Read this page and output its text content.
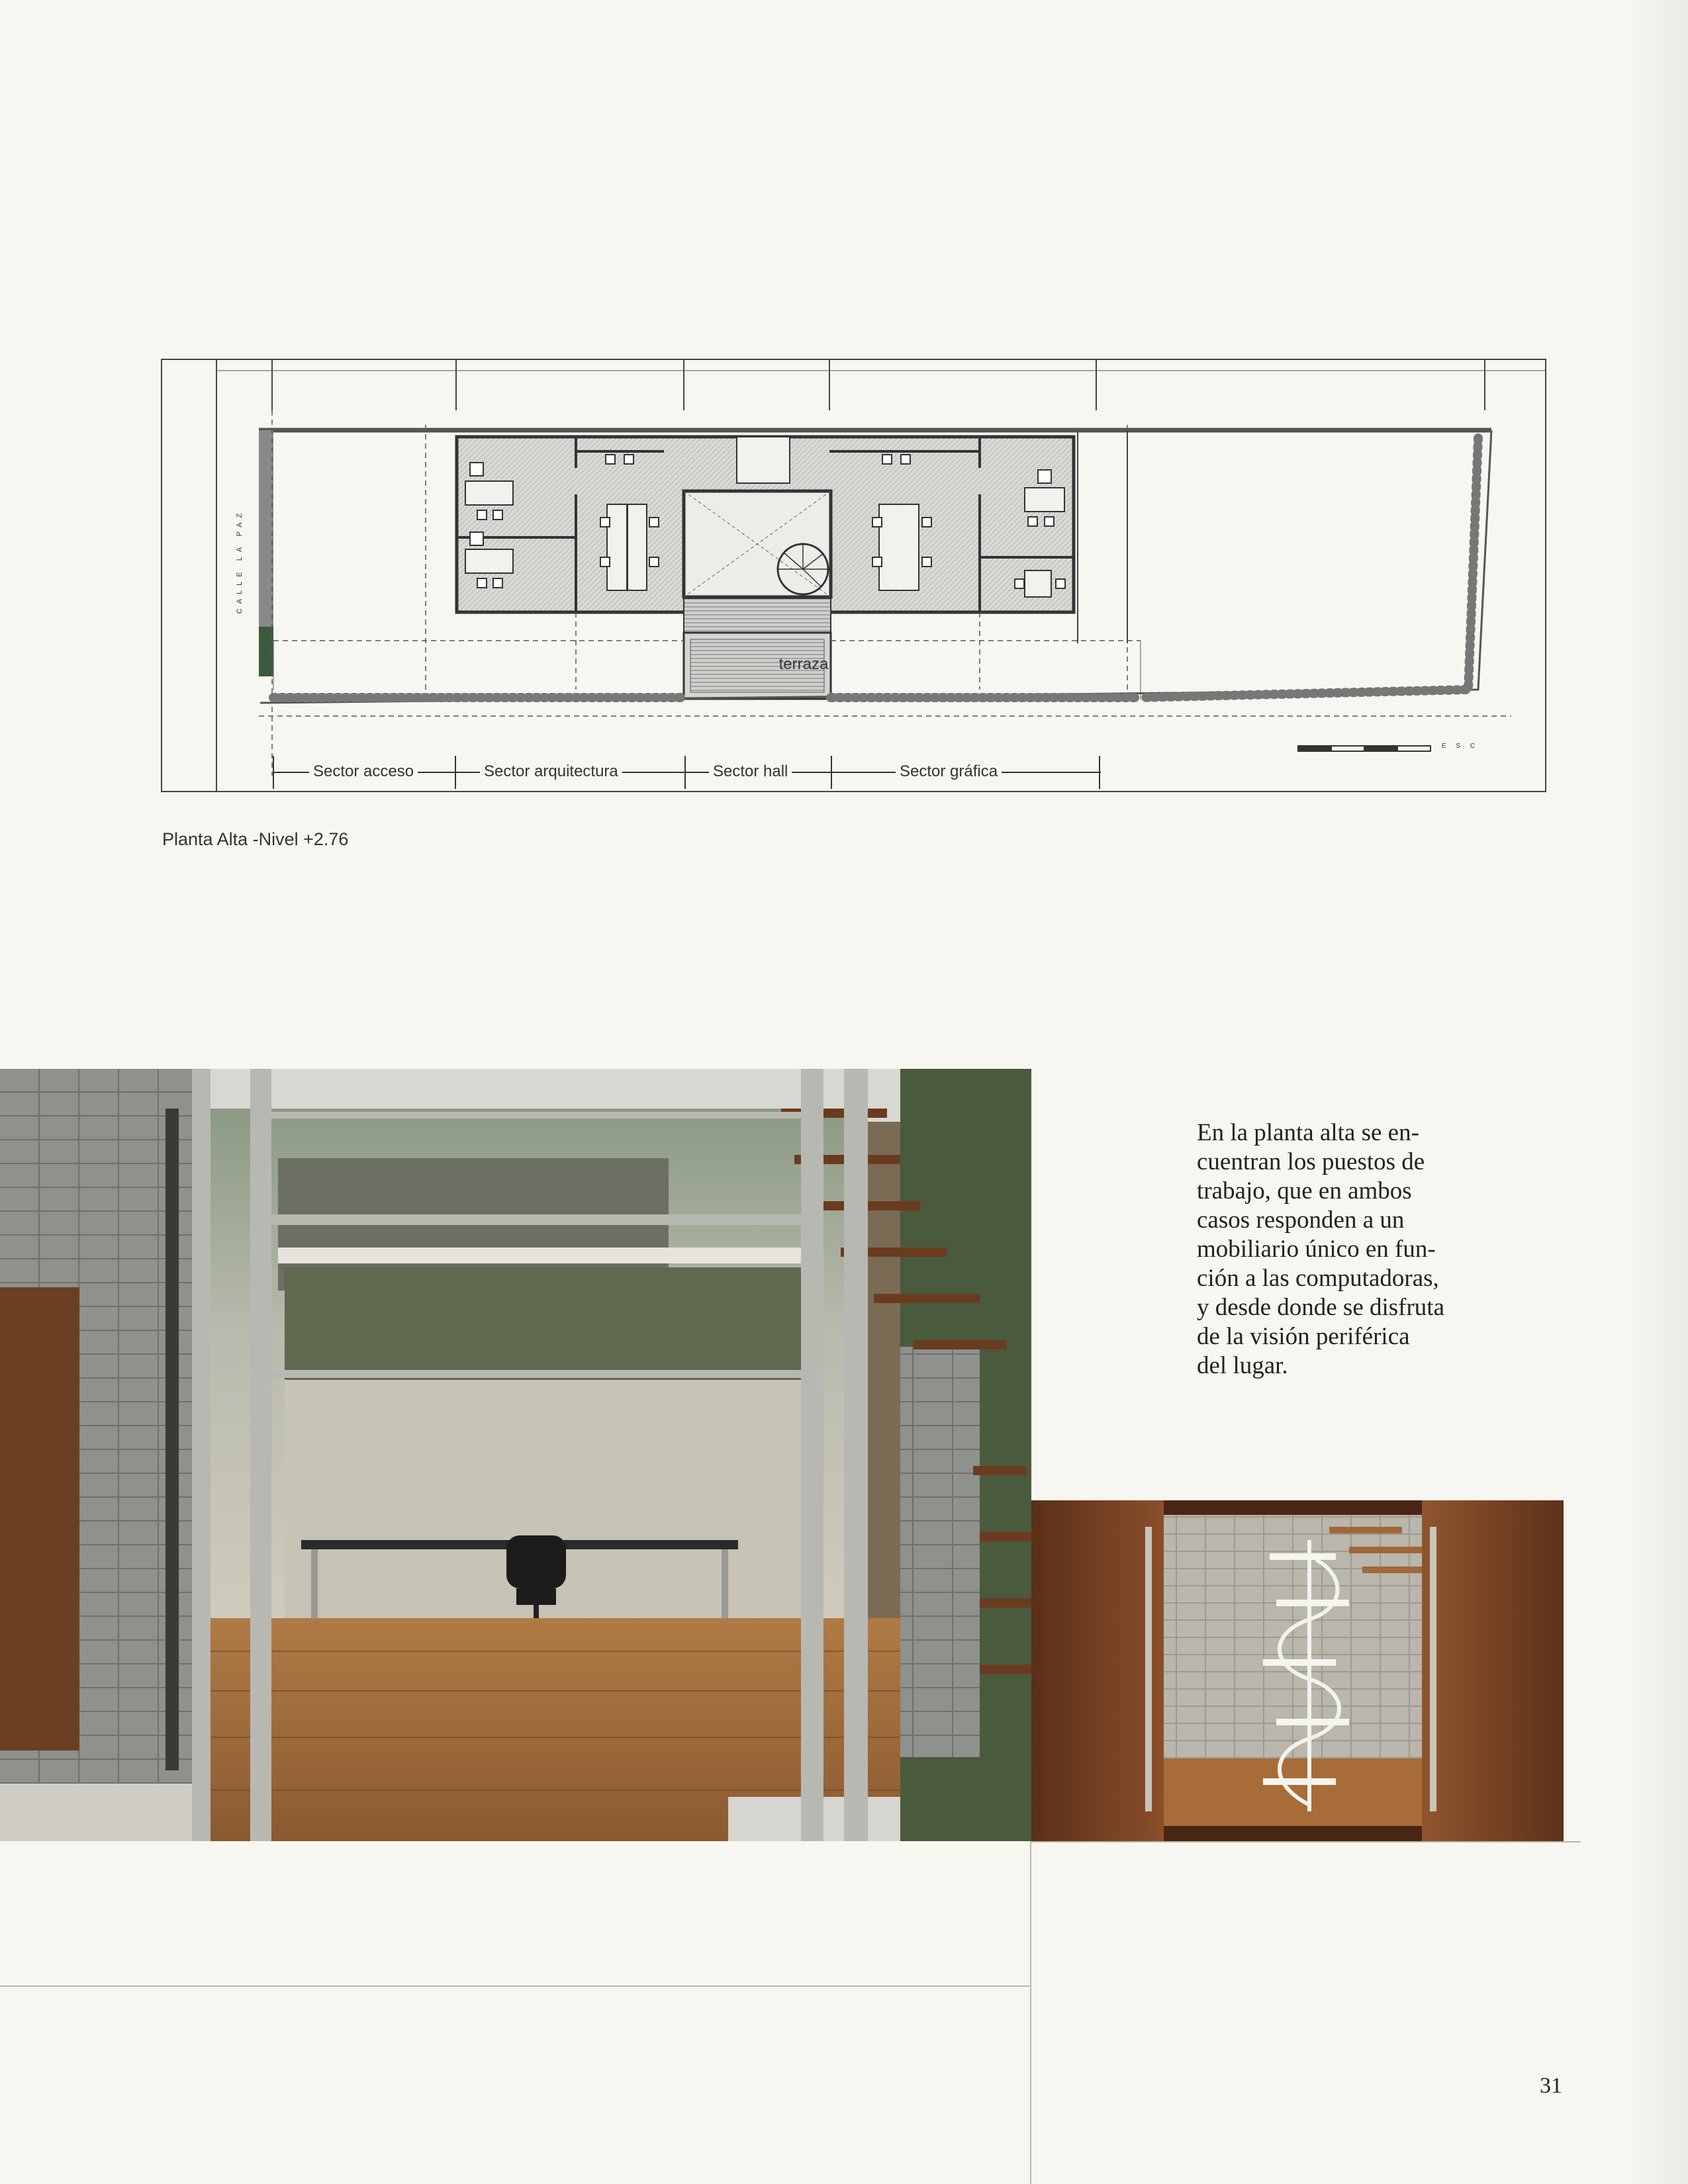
CALLE LA PAZ
terraza
Sector acceso	Sector arquitectura	Sector hall	Sector gráfica
E S C
Planta Alta -Nivel +2.76
En la planta alta se en-
cuentran los puestos de
trabajo, que en ambos
casos responden a un
mobiliario único en fun-
ción a las computadoras,
y desde donde se disfruta
de la visión periférica
del lugar.
31
